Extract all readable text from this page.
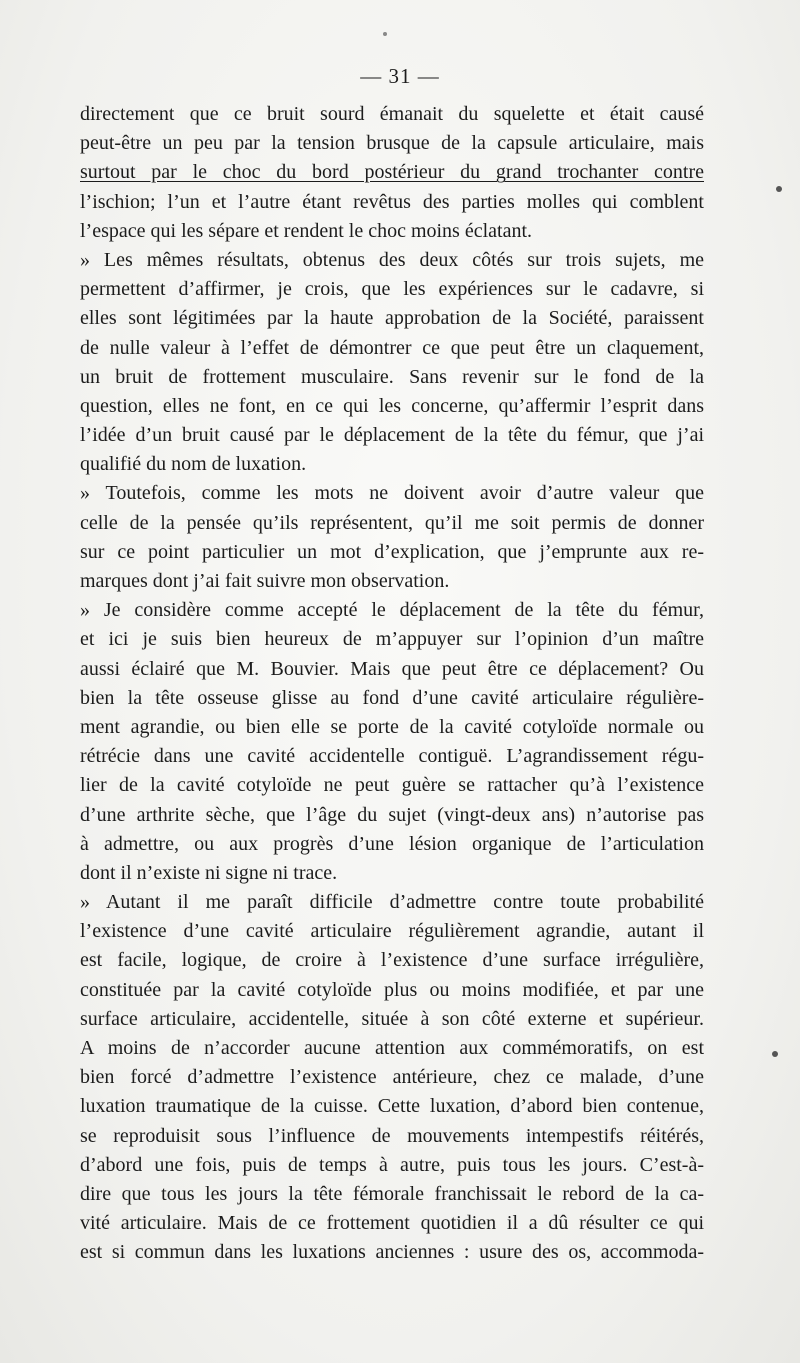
— 31 —
directement que ce bruit sourd émanait du squelette et était causé
peut-être un peu par la tension brusque de la capsule articulaire, mais
surtout par le choc du bord postérieur du grand trochanter contre
l’ischion; l’un et l’autre étant revêtus des parties molles qui comblent
l’espace qui les sépare et rendent le choc moins éclatant.
» Les mêmes résultats, obtenus des deux côtés sur trois sujets, me
permettent d’affirmer, je crois, que les expériences sur le cadavre, si
elles sont légitimées par la haute approbation de la Société, paraissent
de nulle valeur à l’effet de démontrer ce que peut être un claquement,
un bruit de frottement musculaire. Sans revenir sur le fond de la
question, elles ne font, en ce qui les concerne, qu’affermir l’esprit dans
l’idée d’un bruit causé par le déplacement de la tête du fémur, que j’ai
qualifié du nom de luxation.
» Toutefois, comme les mots ne doivent avoir d’autre valeur que
celle de la pensée qu’ils représentent, qu’il me soit permis de donner
sur ce point particulier un mot d’explication, que j’emprunte aux re-
marques dont j’ai fait suivre mon observation.
» Je considère comme accepté le déplacement de la tête du fémur,
et ici je suis bien heureux de m’appuyer sur l’opinion d’un maître
aussi éclairé que M. Bouvier. Mais que peut être ce déplacement? Ou
bien la tête osseuse glisse au fond d’une cavité articulaire régulière-
ment agrandie, ou bien elle se porte de la cavité cotyloïde normale ou
rétrécie dans une cavité accidentelle contiguë. L’agrandissement régu-
lier de la cavité cotyloïde ne peut guère se rattacher qu’à l’existence
d’une arthrite sèche, que l’âge du sujet (vingt-deux ans) n’autorise pas
à admettre, ou aux progrès d’une lésion organique de l’articulation
dont il n’existe ni signe ni trace.
» Autant il me paraît difficile d’admettre contre toute probabilité
l’existence d’une cavité articulaire régulièrement agrandie, autant il
est facile, logique, de croire à l’existence d’une surface irrégulière,
constituée par la cavité cotyloïde plus ou moins modifiée, et par une
surface articulaire, accidentelle, située à son côté externe et supérieur.
A moins de n’accorder aucune attention aux commémoratifs, on est
bien forcé d’admettre l’existence antérieure, chez ce malade, d’une
luxation traumatique de la cuisse. Cette luxation, d’abord bien contenue,
se reproduisit sous l’influence de mouvements intempestifs réitérés,
d’abord une fois, puis de temps à autre, puis tous les jours. C’est-à-
dire que tous les jours la tête fémorale franchissait le rebord de la ca-
vité articulaire. Mais de ce frottement quotidien il a dû résulter ce qui
est si commun dans les luxations anciennes : usure des os, accommoda-
